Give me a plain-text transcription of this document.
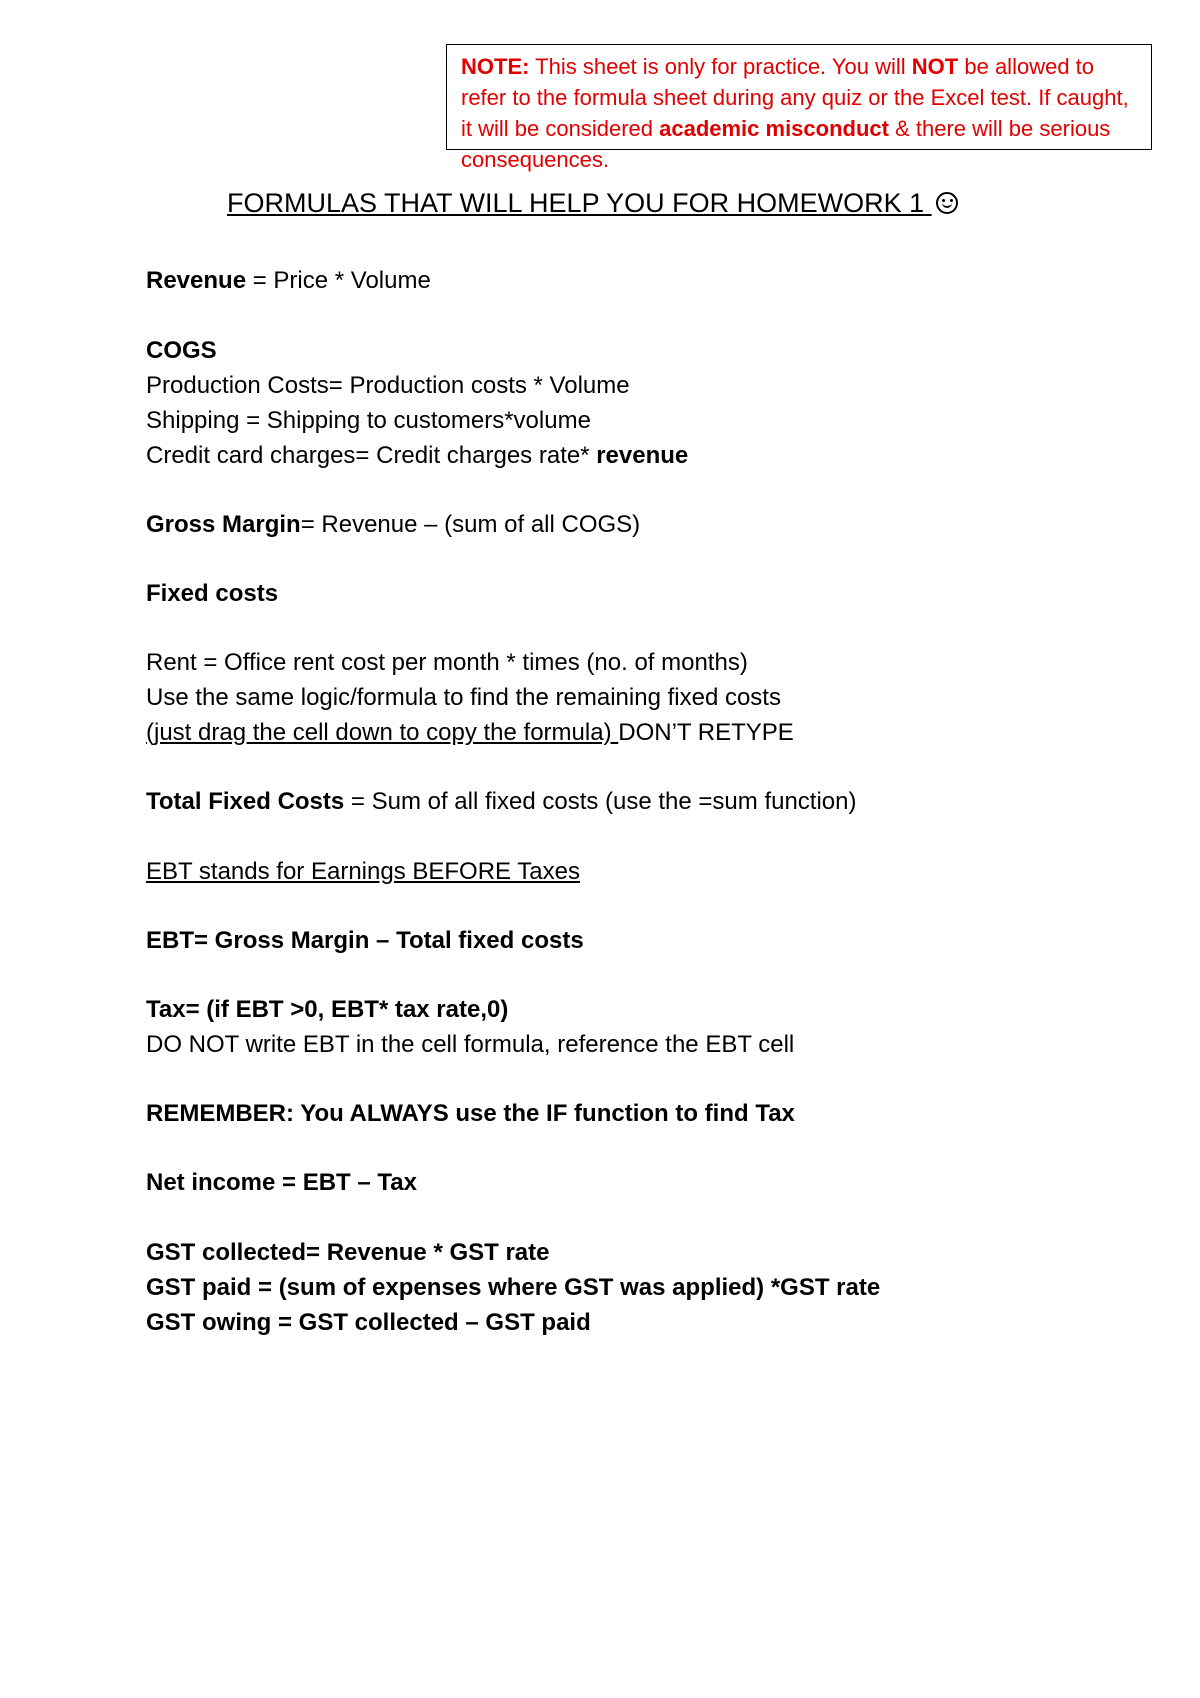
NOTE: This sheet is only for practice. You will NOT be allowed to refer to the formula sheet during any quiz or the Excel test. If caught, it will be considered academic misconduct & there will be serious consequences.
FORMULAS THAT WILL HELP YOU FOR HOMEWORK 1
Revenue = Price * Volume
COGS
Production Costs= Production costs * Volume
Shipping = Shipping to customers*volume
Credit card charges= Credit charges rate* revenue
Gross Margin= Revenue – (sum of all COGS)
Fixed costs
Rent = Office rent cost per month * times (no. of months)
Use the same logic/formula to find the remaining fixed costs
(just drag the cell down to copy the formula) DON’T RETYPE
Total Fixed Costs = Sum of all fixed costs (use the =sum function)
EBT stands for Earnings BEFORE Taxes
EBT= Gross Margin – Total fixed costs
Tax= (if EBT >0, EBT* tax rate,0)
DO NOT write EBT in the cell formula, reference the EBT cell
REMEMBER: You ALWAYS use the IF function to find Tax
Net income = EBT – Tax
GST collected= Revenue * GST rate
GST paid = (sum of expenses where GST was applied) *GST rate
GST owing = GST collected – GST paid
